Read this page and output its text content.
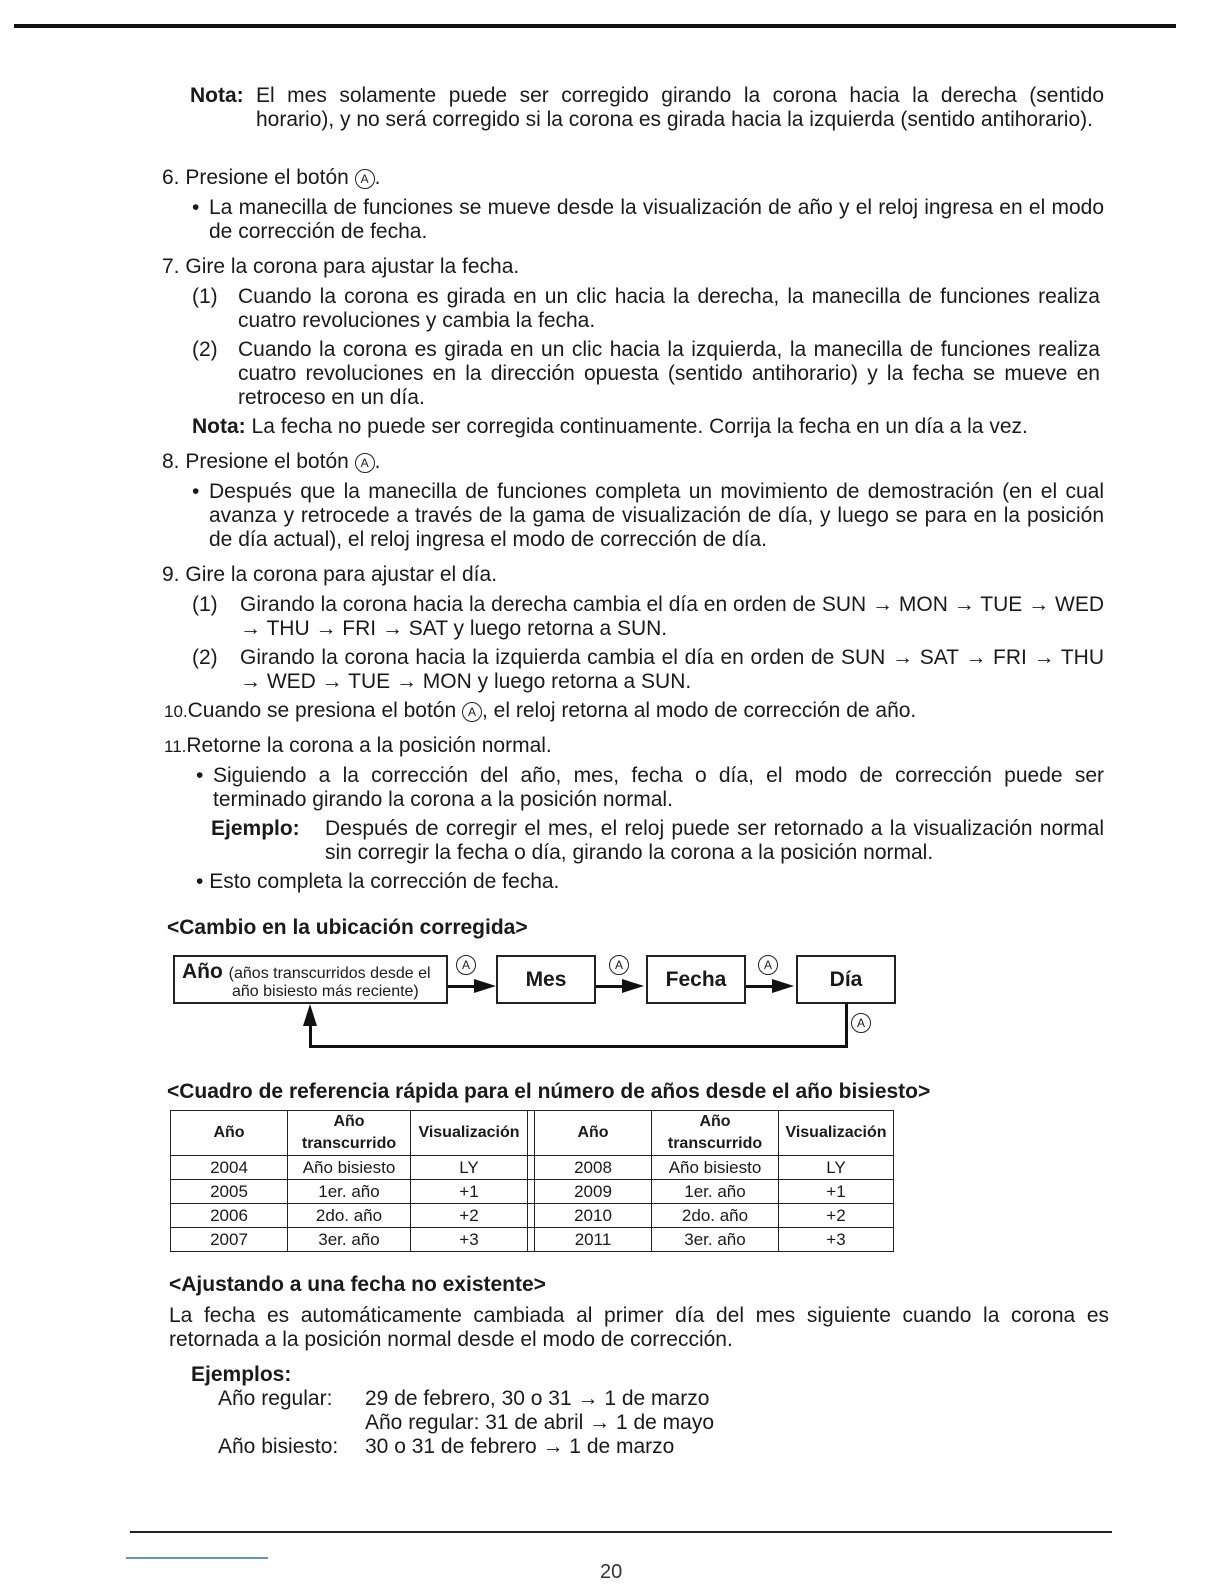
Nota: El mes solamente puede ser corregido girando la corona hacia la derecha (sentido horario), y no será corregido si la corona es girada hacia la izquierda (sentido antihorario).
6. Presione el botón A .
• La manecilla de funciones se mueve desde la visualización de año y el reloj ingresa en el modo de corrección de fecha.
7. Gire la corona para ajustar la fecha.
(1) Cuando la corona es girada en un clic hacia la derecha, la manecilla de funciones realiza cuatro revoluciones y cambia la fecha.
(2) Cuando la corona es girada en un clic hacia la izquierda, la manecilla de funciones realiza cuatro revoluciones en la dirección opuesta (sentido antihorario) y la fecha se mueve en retroceso en un día.
Nota: La fecha no puede ser corregida continuamente. Corrija la fecha en un día a la vez.
8. Presione el botón A .
• Después que la manecilla de funciones completa un movimiento de demostración (en el cual avanza y retrocede a través de la gama de visualización de día, y luego se para en la posición de día actual), el reloj ingresa el modo de corrección de día.
9. Gire la corona para ajustar el día.
(1) Girando la corona hacia la derecha cambia el día en orden de SUN → MON → TUE → WED → THU → FRI → SAT y luego retorna a SUN.
(2) Girando la corona hacia la izquierda cambia el día en orden de SUN → SAT → FRI → THU → WED → TUE → MON y luego retorna a SUN.
10.Cuando se presiona el botón A , el reloj retorna al modo de corrección de año.
11.Retorne la corona a la posición normal.
• Siguiendo a la corrección del año, mes, fecha o día, el modo de corrección puede ser terminado girando la corona a la posición normal.
Ejemplo: Después de corregir el mes, el reloj puede ser retornado a la visualización normal sin corregir la fecha o día, girando la corona a la posición normal.
• Esto completa la corrección de fecha.
<Cambio en la ubicación corregida>
Año (años transcurridos desde el
año bisiesto más reciente)
A
Mes
A
Fecha
A
Día
A
<Cuadro de referencia rápida para el número de años desde el año bisiesto>
Año	Año transcurrido	Visualización		Año	Año transcurrido	Visualización
2004	Año bisiesto	LY		2008	Año bisiesto	LY
2005	1er. año	+1		2009	1er. año	+1
2006	2do. año	+2		2010	2do. año	+2
2007	3er. año	+3		2011	3er. año	+3
<Ajustando a una fecha no existente>
La fecha es automáticamente cambiada al primer día del mes siguiente cuando la corona es retornada a la posición normal desde el modo de corrección.
Ejemplos:
Año regular: 29 de febrero, 30 o 31 → 1 de marzo
Año regular: 31 de abril → 1 de mayo
Año bisiesto: 30 o 31 de febrero → 1 de marzo
20
